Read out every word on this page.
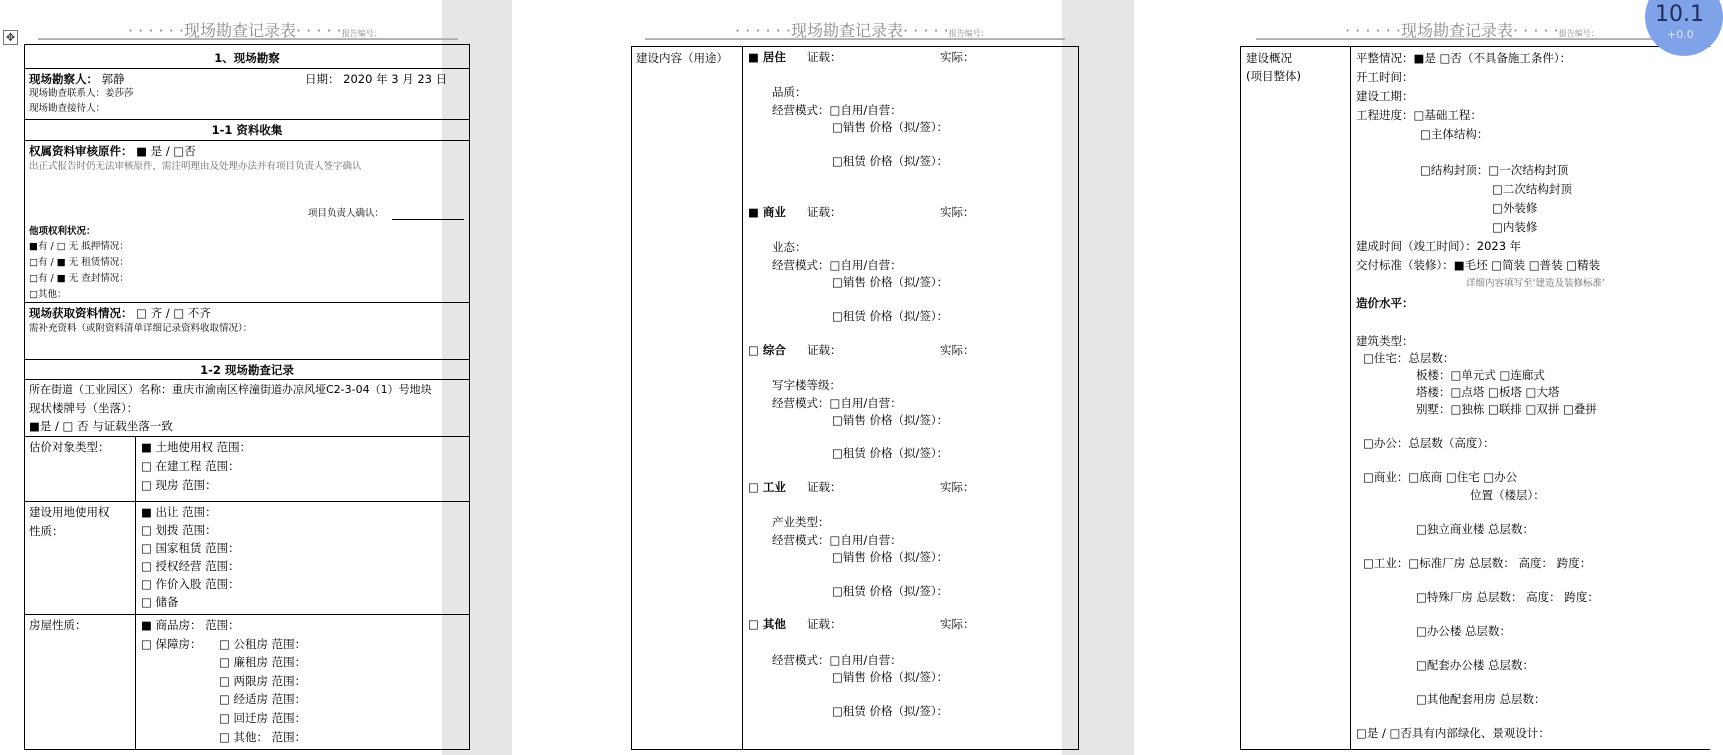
✥	· · · · · ·现场勘查记录表· · · · ·报告编号：
1、现场勘察
现场勘察人： 郭静	日期： 2020 年 3 月 23 日
现场勘查联系人：姜莎莎
现场勘查接待人：
1-1 资料收集
权属资料审核原件： ■ 是 / □否
出正式报告时仍无法审核原件，需注明理由及处理办法并有项目负责人签字确认
项目负责人确认：
他项权利状况：
■有 / □ 无 抵押情况：
□有 / ■ 无 租赁情况：
□有 / ■ 无 查封情况：
□其他：
现场获取资料情况： □ 齐 / □ 不齐
需补充资料（或附资料清单详细记录资料收取情况）：
1-2 现场勘查记录
所在街道（工业园区）名称：重庆市渝南区梓潼街道办凉风垭C2-3-04（1）号地块
现状楼牌号（坐落）：
■是 / □ 否 与证载坐落一致
估价对象类型：	■ 土地使用权 范围：
□ 在建工程 范围：
□ 现房 范围：
建设用地使用权
性质：
■ 出让 范围：
□ 划拨 范围：
□ 国家租赁 范围：
□ 授权经营 范围：
□ 作价入股 范围：
□ 储备
房屋性质：	■ 商品房： 范围：
□ 保障房： □ 公租房 范围：
□ 廉租房 范围：
□ 两限房 范围：
□ 经适房 范围：
□ 回迁房 范围：
□ 其他： 范围：
· · · · · ·现场勘查记录表· · · · ·报告编号：
建设内容（用途） ■ 居住 证载：	实际：
品质：
经营模式：□自用/自营：
□销售 价格（拟/签）：
□租赁 价格（拟/签）：
■ 商业 证载：	实际：
业态：
经营模式：□自用/自营：
□销售 价格（拟/签）：
□租赁 价格（拟/签）：
□ 综合 证载：	实际：
写字楼等级：
经营模式：□自用/自营：
□销售 价格（拟/签）：
□租赁 价格（拟/签）：
□ 工业 证载：	实际：
产业类型：
经营模式：□自用/自营：
□销售 价格（拟/签）：
□租赁 价格（拟/签）：
□ 其他 证载：	实际：
经营模式：□自用/自营：
□销售 价格（拟/签）：
□租赁 价格（拟/签）：
· · · · · ·现场勘查记录表· · · · ·报告编号：
建设概况
(项目整体)
平整情况：■是 □否（不具备施工条件）：
开工时间：
建设工期：
工程进度：□基础工程：
□主体结构：
□结构封顶：□一次结构封顶
□二次结构封顶
□外装修
□内装修
建成时间（竣工时间）：2023 年
交付标准（装修）：■毛坯 □简装 □普装 □精装
详细内容填写至‘建造及装修标准’
造价水平：
建筑类型：
□住宅：总层数：
板楼：□单元式 □连廊式
塔楼：□点塔 □板塔 □大塔
别墅：□独栋 □联排 □双拼 □叠拼
□办公：总层数（高度）：
□商业：□底商 □住宅 □办公
位置（楼层）：
□独立商业楼 总层数：
□工业：□标准厂房 总层数： 高度： 跨度：
□特殊厂房 总层数： 高度： 跨度：
□办公楼 总层数：
□配套办公楼 总层数：
□其他配套用房 总层数：
□是 / □否具有内部绿化、景观设计：
10.1
+0.0
